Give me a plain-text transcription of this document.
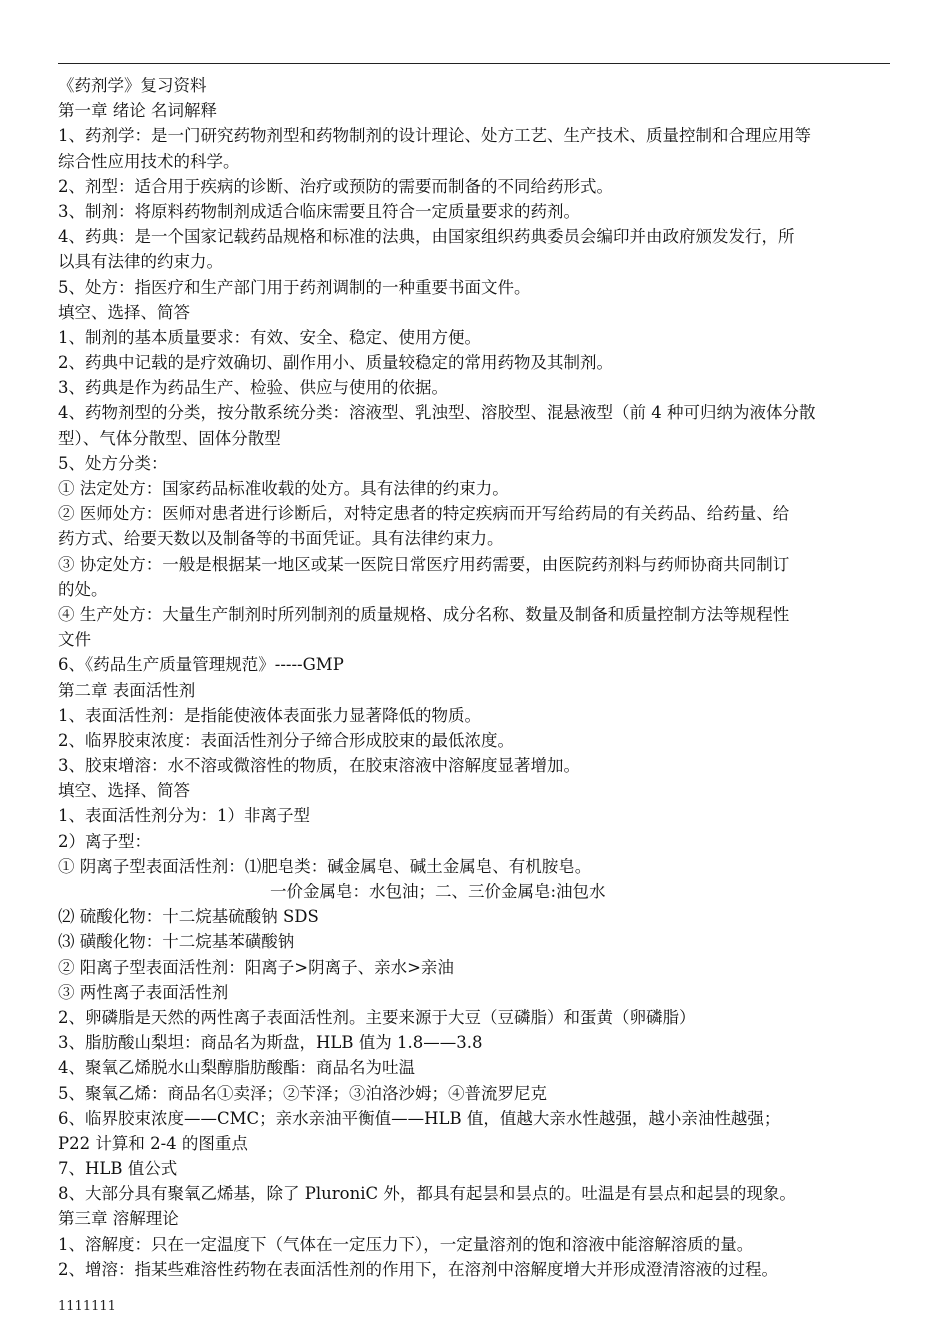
《药剂学》复习资料
第一章 绪论 名词解释
1、药剂学：是一门研究药物剂型和药物制剂的设计理论、处方工艺、生产技术、质量控制和合理应用等
综合性应用技术的科学。
2、剂型：适合用于疾病的诊断、治疗或预防的需要而制备的不同给药形式。
3、制剂：将原料药物制剂成适合临床需要且符合一定质量要求的药剂。
4、药典：是一个国家记载药品规格和标准的法典，由国家组织药典委员会编印并由政府颁发发行，所
以具有法律的约束力。
5、处方：指医疗和生产部门用于药剂调制的一种重要书面文件。
填空、选择、简答
1、制剂的基本质量要求：有效、安全、稳定、使用方便。
2、药典中记载的是疗效确切、副作用小、质量较稳定的常用药物及其制剂。
3、药典是作为药品生产、检验、供应与使用的依据。
4、药物剂型的分类，按分散系统分类：溶液型、乳浊型、溶胶型、混悬液型（前 4 种可归纳为液体分散
型）、气体分散型、固体分散型
5、处方分类：
① 法定处方：国家药品标准收载的处方。具有法律的约束力。
② 医师处方：医师对患者进行诊断后，对特定患者的特定疾病而开写给药局的有关药品、给药量、给
药方式、给要天数以及制备等的书面凭证。具有法律约束力。
③ 协定处方：一般是根据某一地区或某一医院日常医疗用药需要，由医院药剂料与药师协商共同制订
的处。
④ 生产处方：大量生产制剂时所列制剂的质量规格、成分名称、数量及制备和质量控制方法等规程性
文件
6、《药品生产质量管理规范》-----GMP
第二章 表面活性剂
1、表面活性剂：是指能使液体表面张力显著降低的物质。
2、临界胶束浓度：表面活性剂分子缔合形成胶束的最低浓度。
3、胶束增溶：水不溶或微溶性的物质，在胶束溶液中溶解度显著增加。
填空、选择、简答
1、表面活性剂分为：1）非离子型
2）离子型：
① 阴离子型表面活性剂：⑴肥皂类：碱金属皂、碱土金属皂、有机胺皂。
一价金属皂：水包油；二、三价金属皂:油包水
⑵ 硫酸化物：十二烷基硫酸钠 SDS
⑶ 磺酸化物：十二烷基苯磺酸钠
② 阳离子型表面活性剂：阳离子>阴离子、亲水>亲油
③ 两性离子表面活性剂
2、卵磷脂是天然的两性离子表面活性剂。主要来源于大豆（豆磷脂）和蛋黄（卵磷脂）
3、脂肪酸山梨坦：商品名为斯盘，HLB 值为 1.8——3.8
4、聚氧乙烯脱水山梨醇脂肪酸酯：商品名为吐温
5、聚氧乙烯：商品名①卖泽；②苄泽；③泊洛沙姆；④普流罗尼克
6、临界胶束浓度——CMC；亲水亲油平衡值——HLB 值，值越大亲水性越强，越小亲油性越强；
P22 计算和 2-4 的图重点
7、HLB 值公式
8、大部分具有聚氧乙烯基，除了 PluroniC 外，都具有起昙和昙点的。吐温是有昙点和起昙的现象。
第三章 溶解理论
1、溶解度：只在一定温度下（气体在一定压力下），一定量溶剂的饱和溶液中能溶解溶质的量。
2、增溶：指某些难溶性药物在表面活性剂的作用下，在溶剂中溶解度增大并形成澄清溶液的过程。
1111111
